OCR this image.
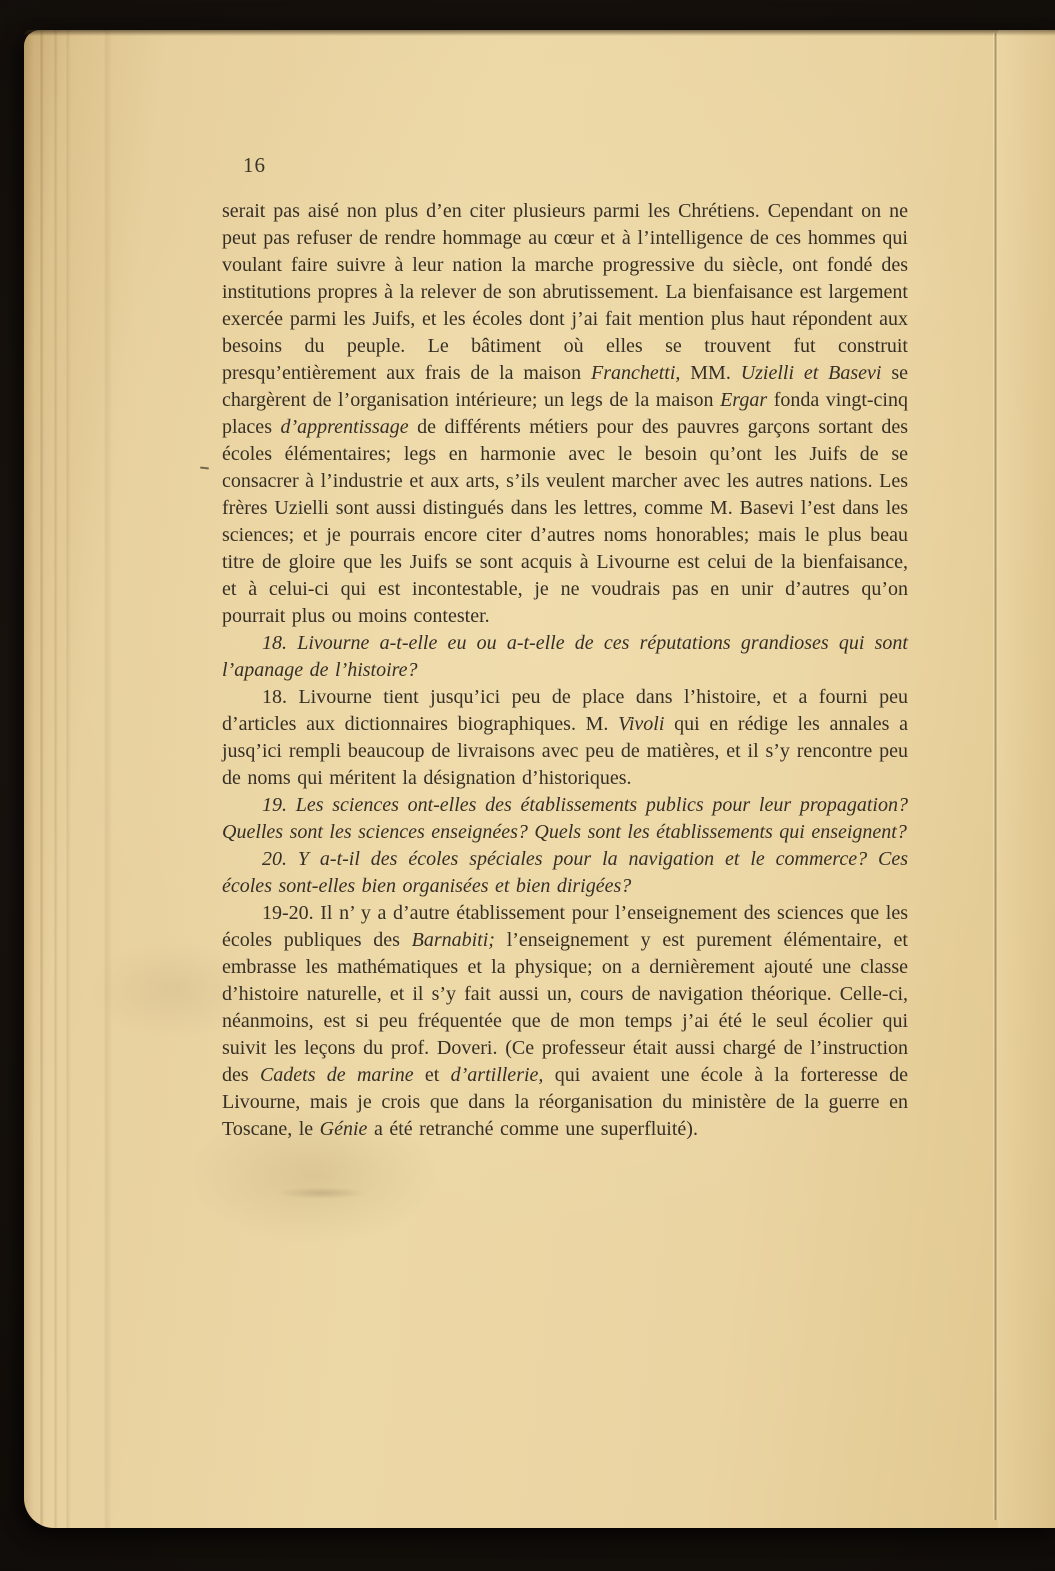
16

serait pas aisé non plus d’en citer plusieurs parmi les Chrétiens. Cependant on ne peut pas refuser de rendre hommage au cœur et à l’intelligence de ces hommes qui voulant faire suivre à leur nation la marche progressive du siècle, ont fondé des institutions propres à la relever de son abrutissement. La bienfaisance est largement exercée parmi les Juifs, et les écoles dont j’ai fait mention plus haut répondent aux besoins du peuple. Le bâtiment où elles se trouvent fut construit presqu’entièrement aux frais de la maison Franchetti, MM. Uzielli et Basevi se chargèrent de l’organisation intérieure; un legs de la maison Ergar fonda vingt-cinq places d’apprentissage de différents métiers pour des pauvres garçons sortant des écoles élémentaires; legs en harmonie avec le besoin qu’ont les Juifs de se consacrer à l’industrie et aux arts, s’ils veulent marcher avec les autres nations. Les frères Uzielli sont aussi distingués dans les lettres, comme M. Basevi l’est dans les sciences; et je pourrais encore citer d’autres noms honorables; mais le plus beau titre de gloire que les Juifs se sont acquis à Livourne est celui de la bienfaisance, et à celui-ci qui est incontestable, je ne voudrais pas en unir d’autres qu’on pourrait plus ou moins contester.

18. Livourne a-t-elle eu ou a-t-elle de ces réputations grandioses qui sont l’apanage de l’histoire?

18. Livourne tient jusqu’ici peu de place dans l’histoire, et a fourni peu d’articles aux dictionnaires biographiques. M. Vivoli qui en rédige les annales a jusq’ici rempli beaucoup de livraisons avec peu de matières, et il s’y rencontre peu de noms qui méritent la désignation d’historiques.

19. Les sciences ont-elles des établissements publics pour leur propagation? Quelles sont les sciences enseignées? Quels sont les établissements qui enseignent?

20. Y a-t-il des écoles spéciales pour la navigation et le commerce? Ces écoles sont-elles bien organisées et bien dirigées?

19-20. Il n’ y a d’autre établissement pour l’enseignement des sciences que les écoles publiques des Barnabiti; l’enseignement y est purement élémentaire, et embrasse les mathématiques et la physique; on a dernièrement ajouté une classe d’histoire naturelle, et il s’y fait aussi un, cours de navigation théorique. Celle-ci, néanmoins, est si peu fréquentée que de mon temps j’ai été le seul écolier qui suivit les leçons du prof. Doveri. (Ce professeur était aussi chargé de l’instruction des Cadets de marine et d’artillerie, qui avaient une école à la forteresse de Livourne, mais je crois que dans la réorganisation du ministère de la guerre en Toscane, le Génie a été retranché comme une superfluité).
